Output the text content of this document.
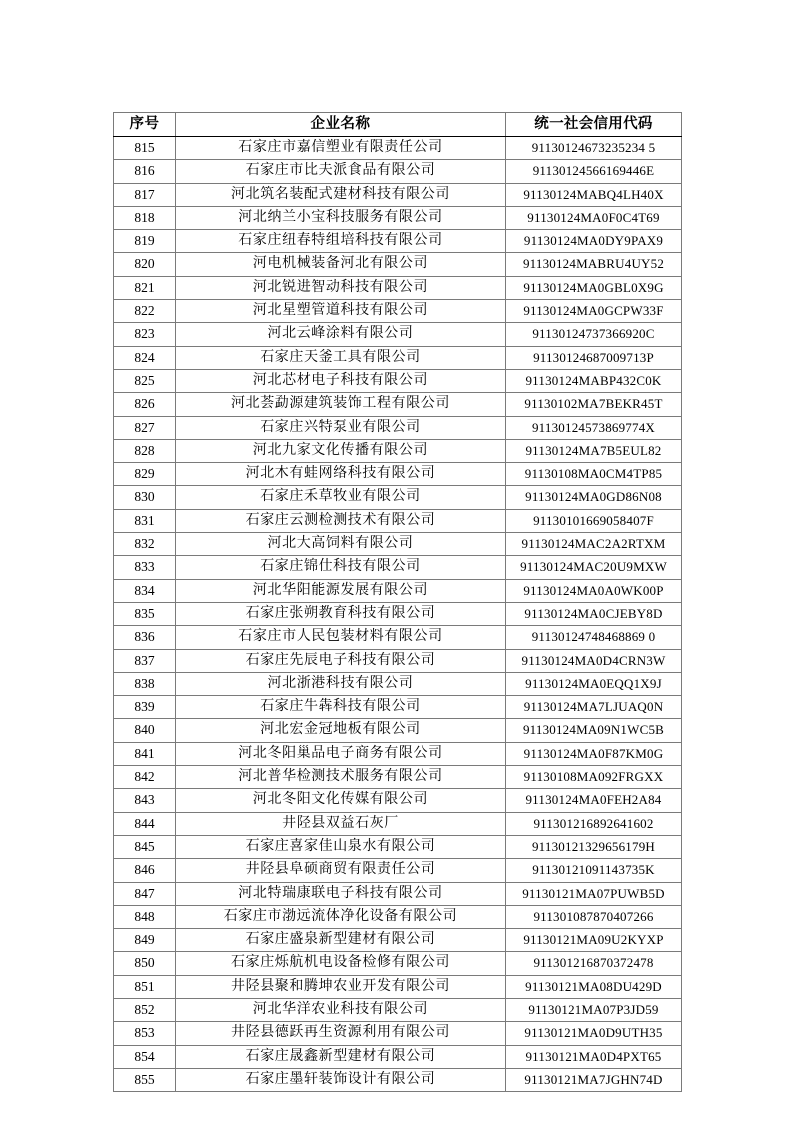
序号	企业名称	统一社会信用代码
815	石家庄市嘉信塑业有限责任公司	91130124673235234 5
816	石家庄市比夫派食品有限公司	91130124566169446E
817	河北筑名装配式建材科技有限公司	91130124MABQ4LH40X
818	河北纳兰小宝科技服务有限公司	91130124MA0F0C4T69
819	石家庄纽春特组培科技有限公司	91130124MA0DY9PAX9
820	河电机械装备河北有限公司	91130124MABRU4UY52
821	河北锐进智动科技有限公司	91130124MA0GBL0X9G
822	河北星塑管道科技有限公司	91130124MA0GCPW33F
823	河北云峰涂料有限公司	91130124737366920C
824	石家庄天釜工具有限公司	91130124687009713P
825	河北芯材电子科技有限公司	91130124MABP432C0K
826	河北荟勐源建筑装饰工程有限公司	91130102MA7BEKR45T
827	石家庄兴特泵业有限公司	91130124573869774X
828	河北九家文化传播有限公司	91130124MA7B5EUL82
829	河北木有蛙网络科技有限公司	91130108MA0CM4TP85
830	石家庄禾草牧业有限公司	91130124MA0GD86N08
831	石家庄云测检测技术有限公司	91130101669058407F
832	河北大高饲料有限公司	91130124MAC2A2RTXM
833	石家庄锦仕科技有限公司	91130124MAC20U9MXW
834	河北华阳能源发展有限公司	91130124MA0A0WK00P
835	石家庄张朔教育科技有限公司	91130124MA0CJEBY8D
836	石家庄市人民包装材料有限公司	91130124748468869 0
837	石家庄先辰电子科技有限公司	91130124MA0D4CRN3W
838	河北浙港科技有限公司	91130124MA0EQQ1X9J
839	石家庄牛犇科技有限公司	91130124MA7LJUAQ0N
840	河北宏金冠地板有限公司	91130124MA09N1WC5B
841	河北冬阳巢品电子商务有限公司	91130124MA0F87KM0G
842	河北普华检测技术服务有限公司	91130108MA092FRGXX
843	河北冬阳文化传媒有限公司	91130124MA0FEH2A84
844	井陉县双益石灰厂	911301216892641602
845	石家庄喜家佳山泉水有限公司	91130121329656179H
846	井陉县阜硕商贸有限责任公司	91130121091143735K
847	河北特瑞康联电子科技有限公司	91130121MA07PUWB5D
848	石家庄市渤远流体净化设备有限公司	911301087870407266
849	石家庄盛泉新型建材有限公司	91130121MA09U2KYXP
850	石家庄烁航机电设备检修有限公司	911301216870372478
851	井陉县聚和腾坤农业开发有限公司	91130121MA08DU429D
852	河北华洋农业科技有限公司	91130121MA07P3JD59
853	井陉县德跃再生资源利用有限公司	91130121MA0D9UTH35
854	石家庄晟鑫新型建材有限公司	91130121MA0D4PXT65
855	石家庄墨轩装饰设计有限公司	91130121MA7JGHN74D
